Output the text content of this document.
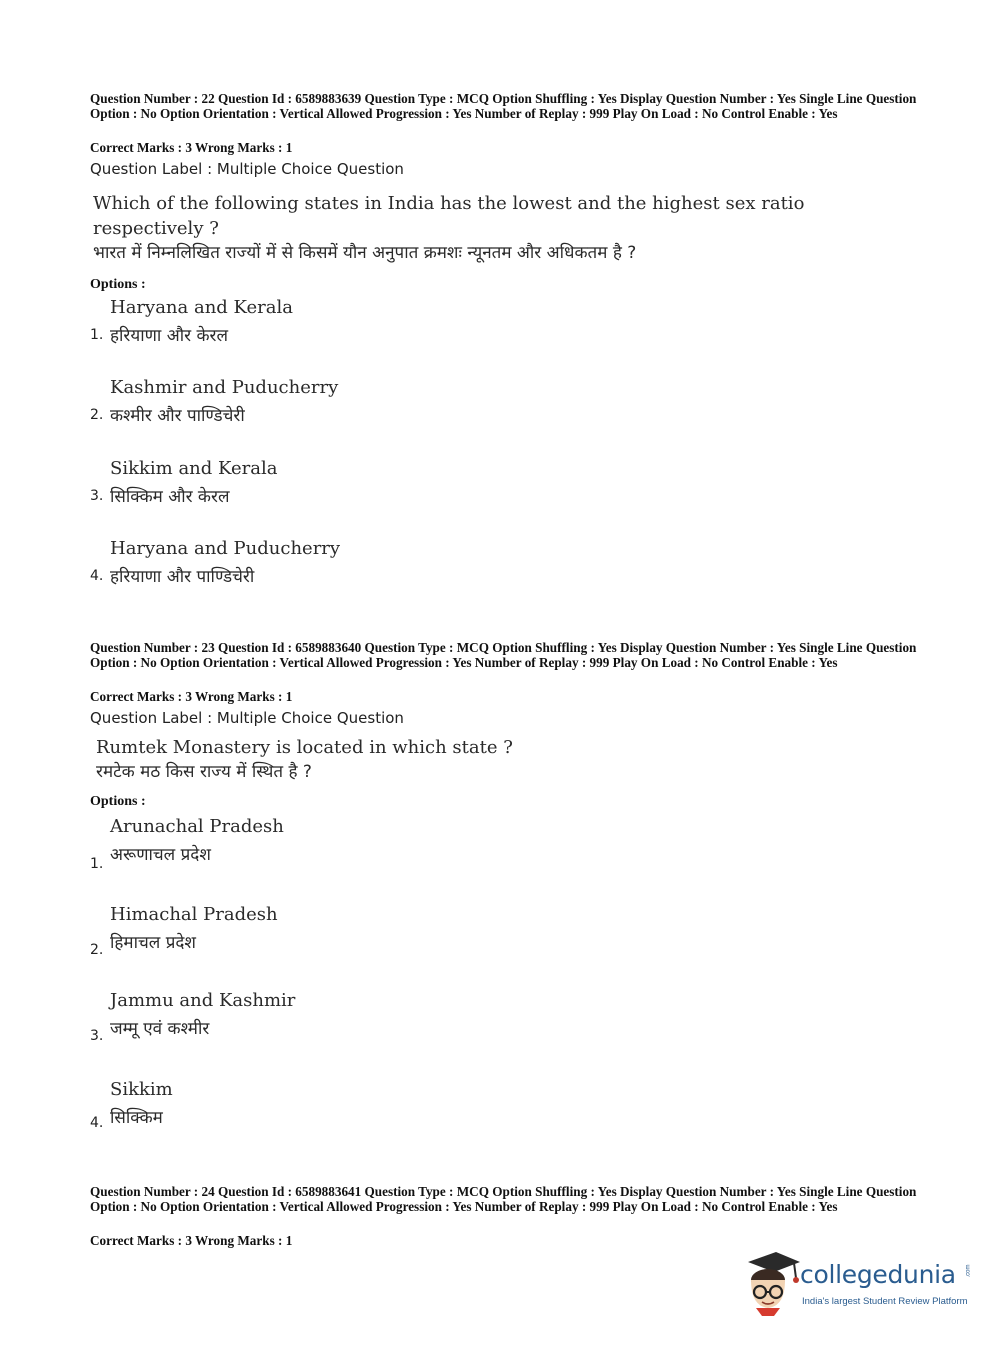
Question Number : 22 Question Id : 6589883639 Question Type : MCQ Option Shuffling : Yes Display Question Number : Yes Single Line Question Option : No Option Orientation : Vertical Allowed Progression : Yes Number of Replay : 999 Play On Load : No Control Enable : Yes
Correct Marks : 3 Wrong Marks : 1
Question Label : Multiple Choice Question
Which of the following states in India has the lowest and the highest sex ratio respectively ?
भारत में निम्नलिखित राज्यों में से किसमें यौन अनुपात क्रमशः न्यूनतम और अधिकतम है ?
Options :
1.
Haryana and Kerala
हरियाणा और केरल
2.
Kashmir and Puducherry
कश्मीर और पाण्डिचेरी
3.
Sikkim and Kerala
सिक्किम और केरल
4.
Haryana and Puducherry
हरियाणा और पाण्डिचेरी
Question Number : 23 Question Id : 6589883640 Question Type : MCQ Option Shuffling : Yes Display Question Number : Yes Single Line Question Option : No Option Orientation : Vertical Allowed Progression : Yes Number of Replay : 999 Play On Load : No Control Enable : Yes
Correct Marks : 3 Wrong Marks : 1
Question Label : Multiple Choice Question
Rumtek Monastery is located in which state ?
रमटेक मठ किस राज्य में स्थित है ?
Options :
1.
Arunachal Pradesh
अरूणाचल प्रदेश
2.
Himachal Pradesh
हिमाचल प्रदेश
3.
Jammu and Kashmir
जम्मू एवं कश्मीर
4.
Sikkim
सिक्किम
Question Number : 24 Question Id : 6589883641 Question Type : MCQ Option Shuffling : Yes Display Question Number : Yes Single Line Question Option : No Option Orientation : Vertical Allowed Progression : Yes Number of Replay : 999 Play On Load : No Control Enable : Yes
Correct Marks : 3 Wrong Marks : 1
collegedunia .com
India's largest Student Review Platform
